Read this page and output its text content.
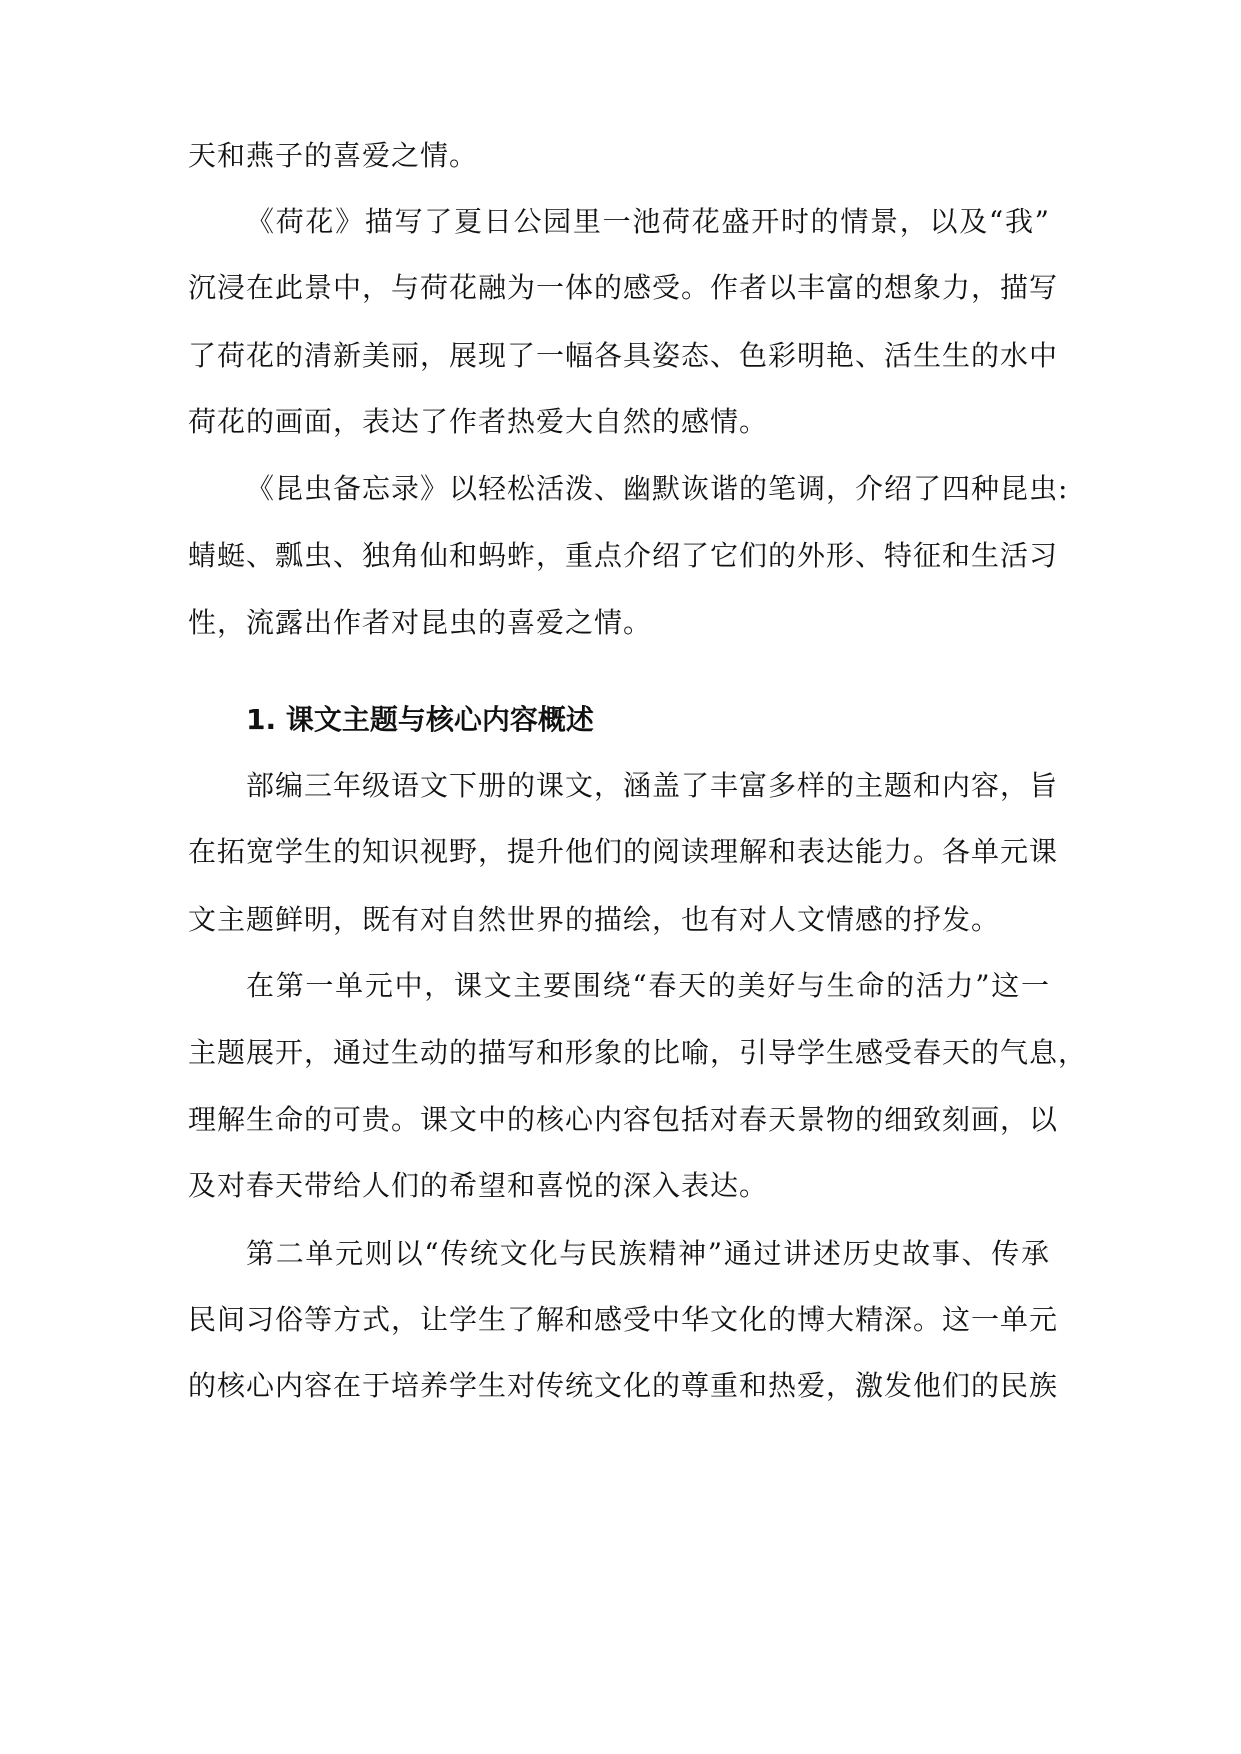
天和燕子的喜爱之情。
《荷花》描写了夏日公园里一池荷花盛开时的情景，以及“我”
沉浸在此景中，与荷花融为一体的感受。作者以丰富的想象力，描写
了荷花的清新美丽，展现了一幅各具姿态、色彩明艳、活生生的水中
荷花的画面，表达了作者热爱大自然的感情。
《昆虫备忘录》以轻松活泼、幽默诙谐的笔调，介绍了四种昆虫:
蜻蜓、瓢虫、独角仙和蚂蚱，重点介绍了它们的外形、特征和生活习
性，流露出作者对昆虫的喜爱之情。
1. 课文主题与核心内容概述
部编三年级语文下册的课文，涵盖了丰富多样的主题和内容，旨
在拓宽学生的知识视野，提升他们的阅读理解和表达能力。各单元课
文主题鲜明，既有对自然世界的描绘，也有对人文情感的抒发。
在第一单元中，课文主要围绕“春天的美好与生命的活力”这一
主题展开，通过生动的描写和形象的比喻，引导学生感受春天的气息，
理解生命的可贵。课文中的核心内容包括对春天景物的细致刻画，以
及对春天带给人们的希望和喜悦的深入表达。
第二单元则以“传统文化与民族精神”通过讲述历史故事、传承
民间习俗等方式，让学生了解和感受中华文化的博大精深。这一单元
的核心内容在于培养学生对传统文化的尊重和热爱，激发他们的民族
